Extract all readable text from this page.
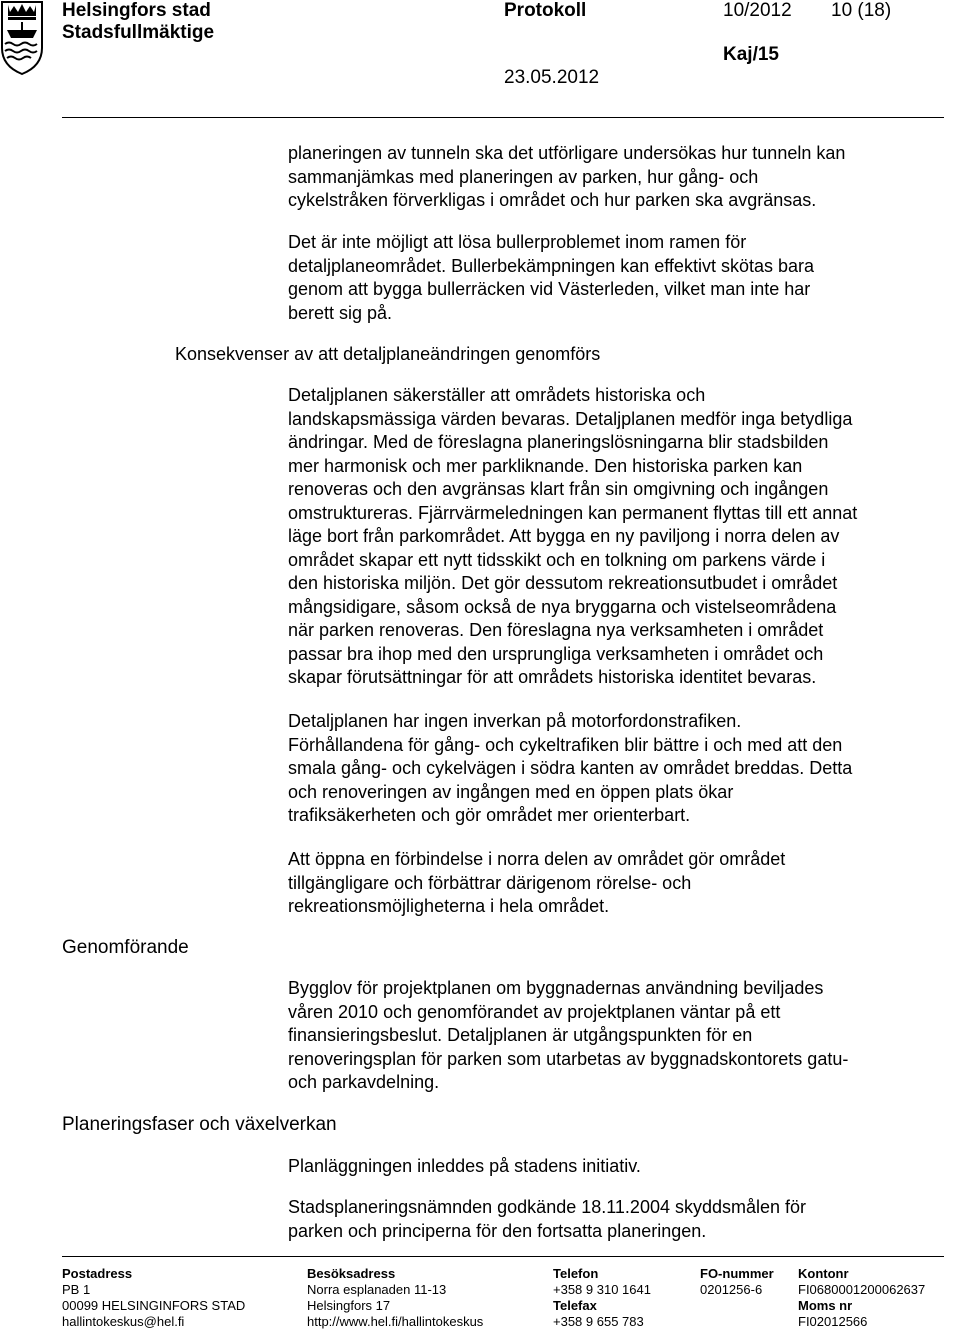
Helsingfors stad
Stadsfullmäktige
Protokoll	10/2012 10 (18)
Kaj/15
23.05.2012

planeringen av tunneln ska det utförligare undersökas hur tunneln kan

sammanjämkas med planeringen av parken, hur gång- och

cykelstråken förverkligas i området och hur parken ska avgränsas.

Det är inte möjligt att lösa bullerproblemet inom ramen för

detaljplaneområdet. Bullerbekämpningen kan effektivt skötas bara

genom att bygga bullerräcken vid Västerleden, vilket man inte har

berett sig på.

Konsekvenser av att detaljplaneändringen genomförs

Detaljplanen säkerställer att områdets historiska och

landskapsmässiga värden bevaras. Detaljplanen medför inga betydliga

ändringar. Med de föreslagna planeringslösningarna blir stadsbilden

mer harmonisk och mer parkliknande. Den historiska parken kan

renoveras och den avgränsas klart från sin omgivning och ingången

omstruktureras. Fjärrvärmeledningen kan permanent flyttas till ett annat

läge bort från parkområdet. Att bygga en ny paviljong i norra delen av

området skapar ett nytt tidsskikt och en tolkning om parkens värde i

den historiska miljön. Det gör dessutom rekreationsutbudet i området

mångsidigare, såsom också de nya bryggarna och vistelseområdena

när parken renoveras. Den föreslagna nya verksamheten i området

passar bra ihop med den ursprungliga verksamheten i området och

skapar förutsättningar för att områdets historiska identitet bevaras.

Detaljplanen har ingen inverkan på motorfordonstrafiken.

Förhållandena för gång- och cykeltrafiken blir bättre i och med att den

smala gång- och cykelvägen i södra kanten av området breddas. Detta

och renoveringen av ingången med en öppen plats ökar

trafiksäkerheten och gör området mer orienterbart.

Att öppna en förbindelse i norra delen av området gör området

tillgängligare och förbättrar därigenom rörelse- och

rekreationsmöjligheterna i hela området.

Genomförande

Bygglov för projektplanen om byggnadernas användning beviljades

våren 2010 och genomförandet av projektplanen väntar på ett

finansieringsbeslut. Detaljplanen är utgångspunkten för en

renoveringsplan för parken som utarbetas av byggnadskontorets gatu-

och parkavdelning.

Planeringsfaser och växelverkan

Planläggningen inleddes på stadens initiativ.

Stadsplaneringsnämnden godkände 18.11.2004 skyddsmålen för

parken och principerna för den fortsatta planeringen.

Postadress
PB 1
00099 HELSINGINFORS STAD
hallintokeskus@hel.fi
Besöksadress
Norra esplanaden 11-13
Helsingfors 17
http://www.hel.fi/hallintokeskus
Telefon
+358 9 310 1641
Telefax
+358 9 655 783
FO-nummer
0201256-6
Kontonr
FI0680001200062637
Moms nr
FI02012566
